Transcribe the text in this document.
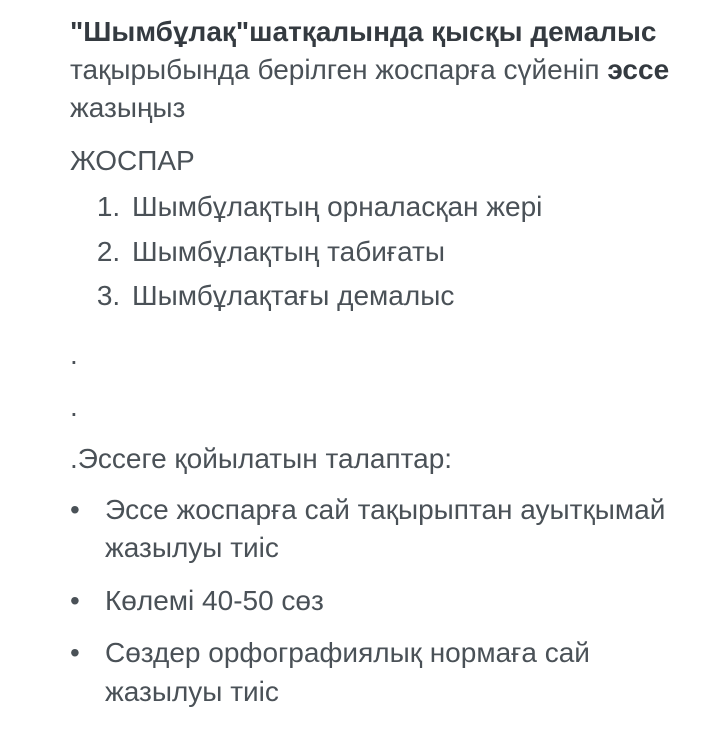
"Шымбұлақ"шатқалында қысқы демалыс тақырыбында берілген жоспарға сүйеніп эссе жазыңыз

ЖОСПАР

1. Шымбұлақтың орналасқан жері
2. Шымбұлақтың табиғаты
3. Шымбұлақтағы демалыс

.

.

.Эссеге қойылатын талаптар:

• Эссе жоспарға сай тақырыптан ауытқымай жазылуы тиіс
• Көлемі 40-50 сөз
• Сөздер орфографиялық нормаға сай жазылуы тиіс
